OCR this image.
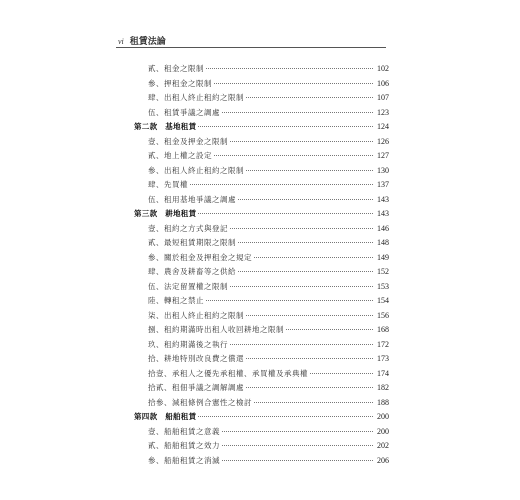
vi 租賃法論
貳、租金之限制	102
參、押租金之限制	106
肆、出租人終止租約之限制	107
伍、租賃爭議之調處	123
第二款　基地租賃	124
壹、租金及押金之限制	126
貳、地上權之設定	127
參、出租人終止租約之限制	130
肆、先買權	137
伍、租用基地爭議之調處	143
第三款　耕地租賃	143
壹、租約之方式與登記	146
貳、最短租賃期限之限制	148
參、關於租金及押租金之規定	149
肆、農舍及耕畜等之供給	152
伍、法定留置權之限制	153
陸、轉租之禁止	154
柒、出租人終止租約之限制	156
捌、租約期滿時出租人收回耕地之限制	168
玖、租約期滿後之執行	172
拾、耕地特別改良費之償還	173
拾壹、承租人之優先承租權、承買權及承典權	174
拾貳、租佃爭議之調解調處	182
拾參、減租條例合憲性之檢討	188
第四款　船舶租賃	200
壹、船舶租賃之意義	200
貳、船舶租賃之效力	202
參、船舶租賃之消滅	206
